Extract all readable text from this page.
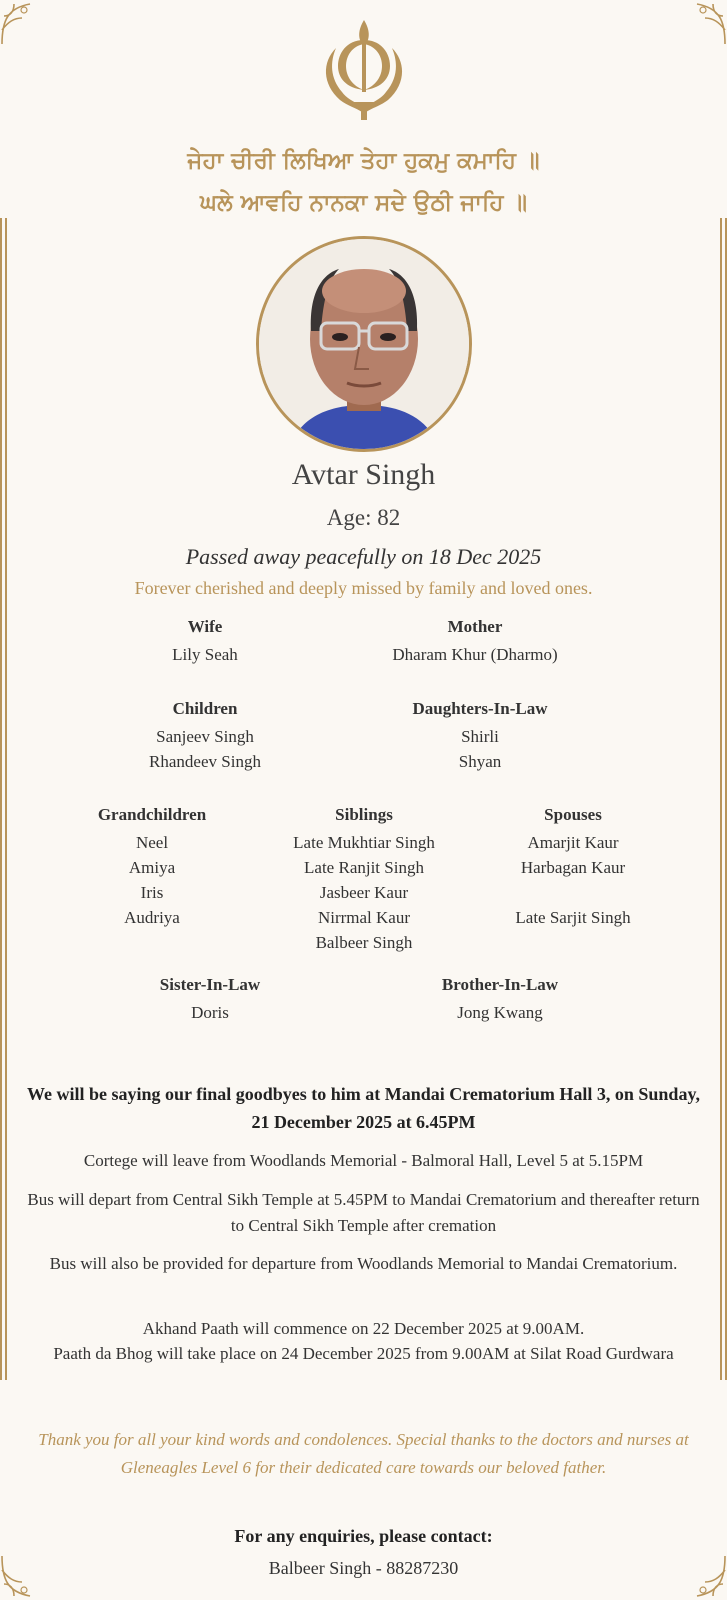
ਜੇਹਾ ਚੀਰੀ ਲਿਖਿਆ ਤੇਹਾ ਹੁਕਮੁ ਕਮਾਹਿ ॥
ਘਲੇ ਆਵਹਿ ਨਾਨਕਾ ਸਦੇ ਉਠੀ ਜਾਹਿ ॥
Avtar Singh
Age: 82
Passed away peacefully on 18 Dec 2025
Forever cherished and deeply missed by family and loved ones.
Wife
Lily Seah
Mother
Dharam Khur (Dharmo)
Children
Sanjeev Singh
Rhandeev Singh
Daughters-In-Law
Shirli
Shyan
Grandchildren
Neel
Amiya
Iris
Audriya
Siblings
Late Mukhtiar Singh
Late Ranjit Singh
Jasbeer Kaur
Nirrmal Kaur
Balbeer Singh
Spouses
Amarjit Kaur
Harbagan Kaur
Late Sarjit Singh
Sister-In-Law
Doris
Brother-In-Law
Jong Kwang
We will be saying our final goodbyes to him at Mandai Crematorium Hall 3, on Sunday, 21 December 2025 at 6.45PM
Cortege will leave from Woodlands Memorial - Balmoral Hall, Level 5 at 5.15PM
Bus will depart from Central Sikh Temple at 5.45PM to Mandai Crematorium and thereafter return to Central Sikh Temple after cremation
Bus will also be provided for departure from Woodlands Memorial to Mandai Crematorium.
Akhand Paath will commence on 22 December 2025 at 9.00AM.
Paath da Bhog will take place on 24 December 2025 from 9.00AM at Silat Road Gurdwara
Thank you for all your kind words and condolences. Special thanks to the doctors and nurses at Gleneagles Level 6 for their dedicated care towards our beloved father.
For any enquiries, please contact:
Balbeer Singh - 88287230
